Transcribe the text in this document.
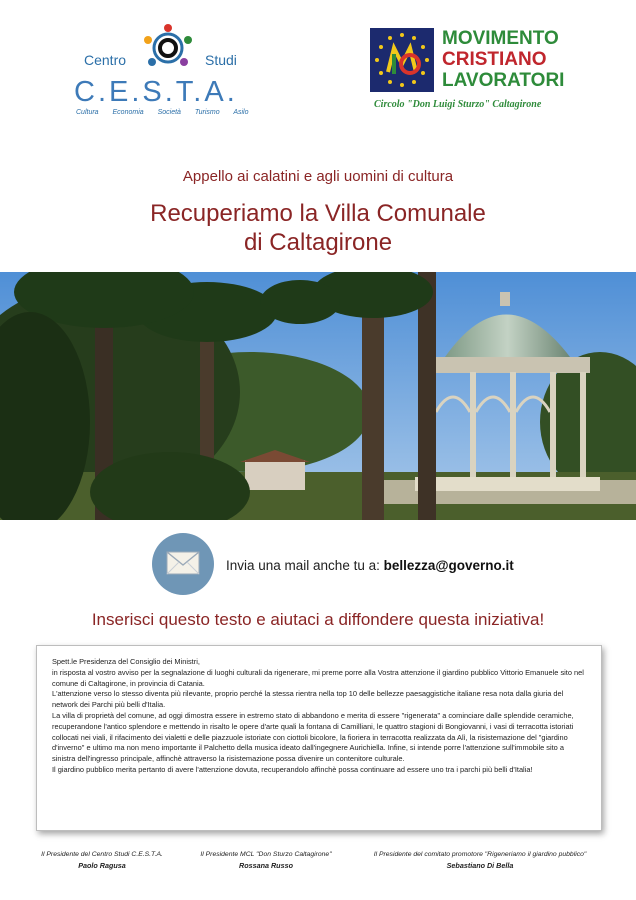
Centro	Studi
C.E.S.T.A.
Cultura Economia Società Turismo Asilo
MOVIMENTO
CRISTIANO
LAVORATORI
Circolo "Don Luigi Sturzo" Caltagirone
Appello ai calatini e agli uomini di cultura
Recuperiamo la Villa Comunale
di Caltagirone
Invia una mail anche tu a: bellezza@governo.it
Inserisci questo testo e aiutaci a diffondere questa iniziativa!

Spett.le Presidenza del Consiglio dei Ministri,

in risposta al vostro avviso per la segnalazione di luoghi culturali da rigenerare, mi preme porre alla Vostra attenzione il giardino pubblico Vittorio Emanuele sito nel comune di Caltagirone, in provincia di Catania.

L'attenzione verso lo stesso diventa più rilevante, proprio perché la stessa rientra nella top 10 delle bellezze paesaggistiche italiane resa nota dalla giuria del network dei Parchi più belli d'Italia.

La villa di proprietà del comune, ad oggi dimostra essere in estremo stato di abbandono e merita di essere "rigenerata" a cominciare dalle splendide ceramiche, recuperandone l'antico splendore e mettendo in risalto le opere d'arte quali la fontana di Camilliani, le quattro stagioni di Bongiovanni, i vasi di terracotta istoriati collocati nei viali, il rifacimento dei vialetti e delle piazzuole istoriate con ciottoli bicolore, la fioriera in terracotta realizzata da Alì, la risistemazione del "giardino d'inverno" e ultimo ma non meno importante il Palchetto della musica ideato dall'ingegnere Aurichiella. Infine, si intende porre l'attenzione sull'immobile sito a sinistra dell'ingresso principale, affinchè attraverso la risistemazione possa divenire un contenitore culturale.

Il giardino pubblico merita pertanto di avere l'attenzione dovuta, recuperandolo affinchè possa continuare ad essere uno tra i parchi più belli d'Italia!

Il Presidente del Centro Studi C.E.S.T.A.
Paolo Ragusa
Il Presidente MCL "Don Sturzo Caltagirone"
Rossana Russo
Il Presidente del comitato promotore "Rigeneriamo il giardino pubblico"
Sebastiano Di Bella
